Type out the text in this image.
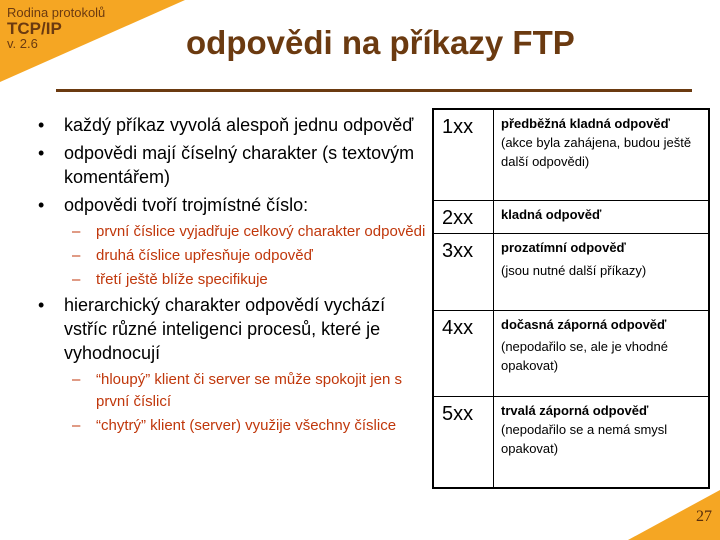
Rodina protokolů
TCP/IP
v. 2.6	odpovědi na příkazy FTP
• každý příkaz vyvolá alespoň jednu odpověď
• odpovědi mají číselný charakter (s textovým komentářem)
• odpovědi tvoří trojmístné číslo:
– první číslice vyjadřuje celkový charakter odpovědi
– druhá číslice upřesňuje odpověď
– třetí ještě blíže specifikuje
• hierarchický charakter odpovědí vychází vstříc různé inteligenci procesů, které je vyhodnocují
– “hloupý” klient či server se může spokojit jen s první číslicí
– “chytrý” klient (server) využije všechny číslice
1xx	předběžná kladná odpověď (akce byla zahájena, budou ještě další odpovědi)
2xx	kladná odpověď
3xx	prozatímní odpověď
(jsou nutné další příkazy)
4xx	dočasná záporná odpověď
(nepodařilo se, ale je vhodné opakovat)
5xx	trvalá záporná odpověď
(nepodařilo se a nemá smysl opakovat)
27
